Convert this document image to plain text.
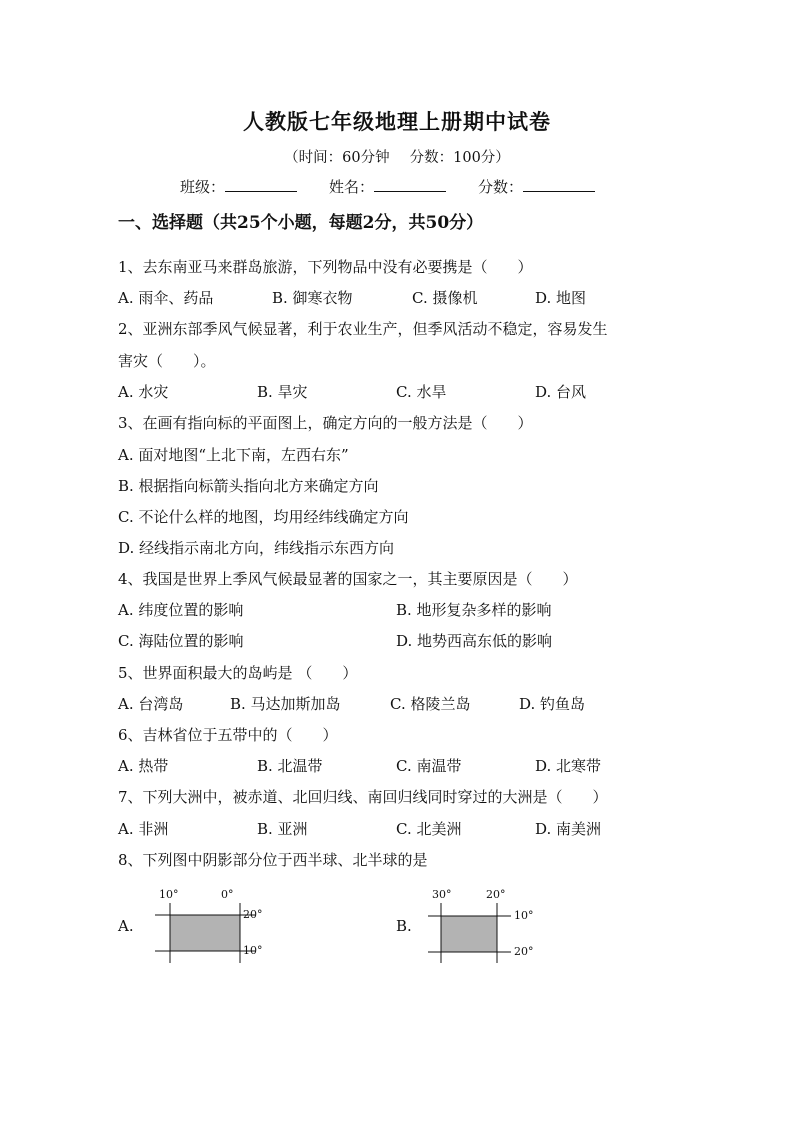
人教版七年级地理上册期中试卷
（时间：60分钟 分数：100分）
班级：	姓名：	分数：
一、选择题（共25个小题，每题2分，共50分）
1、去东南亚马来群岛旅游，下列物品中没有必要携是（　　）
A. 雨伞、药品	B. 御寒衣物	C. 摄像机	D. 地图
2、亚洲东部季风气候显著，利于农业生产，但季风活动不稳定，容易发生
害灾（　　）。
A. 水灾	B. 旱灾	C. 水旱	D. 台风
3、在画有指向标的平面图上，确定方向的一般方法是（　　）
A. 面对地图“上北下南，左西右东”
B. 根据指向标箭头指向北方来确定方向
C. 不论什么样的地图，均用经纬线确定方向
D. 经线指示南北方向，纬线指示东西方向
4、我国是世界上季风气候最显著的国家之一，其主要原因是（　　）
A. 纬度位置的影响	B. 地形复杂多样的影响
C. 海陆位置的影响	D. 地势西高东低的影响
5、世界面积最大的岛屿是 （　　）
A. 台湾岛	B. 马达加斯加岛	C. 格陵兰岛	D. 钓鱼岛
6、吉林省位于五带中的（　　）
A. 热带	B. 北温带	C. 南温带	D. 北寒带
7、下列大洲中，被赤道、北回归线、南回归线同时穿过的大洲是（　　）
A. 非洲	B. 亚洲	C. 北美洲	D. 南美洲
8、下列图中阴影部分位于西半球、北半球的是
A.
10°	0°
20°
10°
B.
30°	20°
10°
20°
